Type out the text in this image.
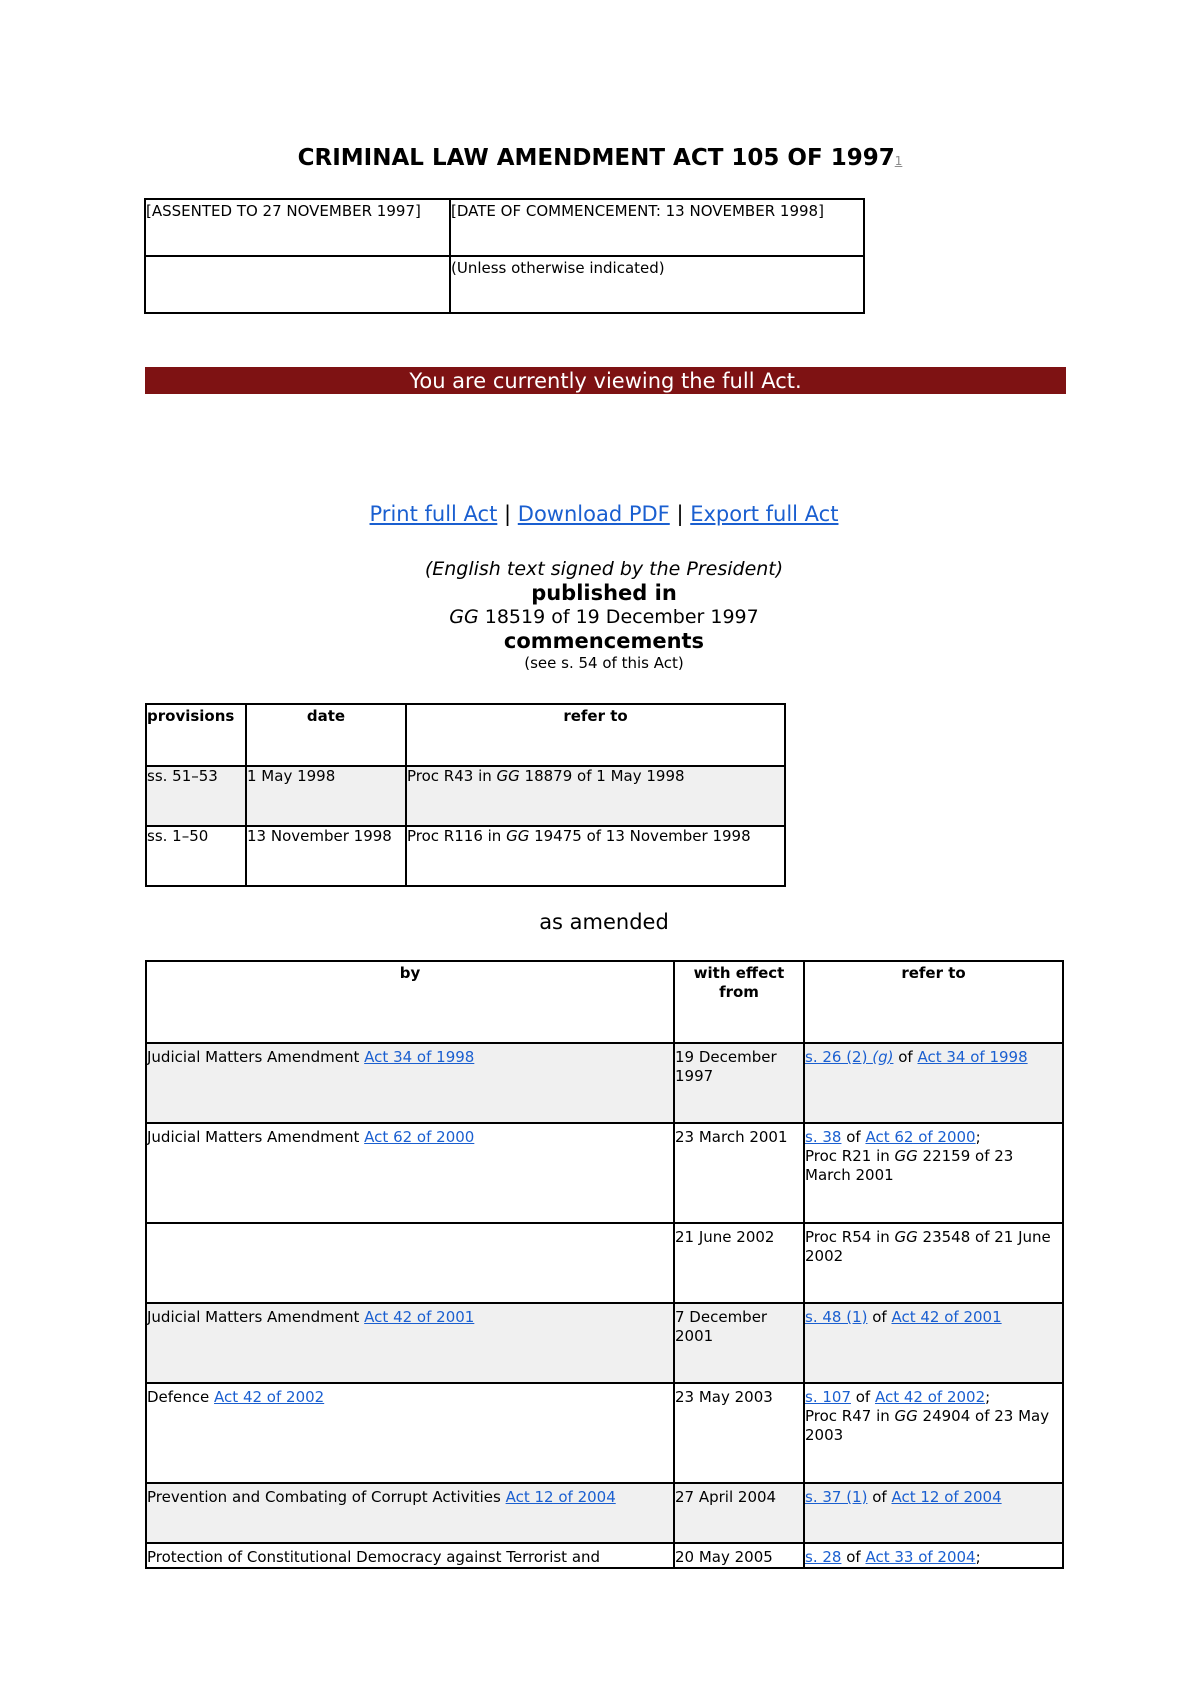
CRIMINAL LAW AMENDMENT ACT 105 OF 19971
[ASSENTED TO 27 NOVEMBER 1997]	[DATE OF COMMENCEMENT: 13 NOVEMBER 1998]
	(Unless otherwise indicated)
You are currently viewing the full Act.
Print full Act | Download PDF | Export full Act
(English text signed by the President)
published in
GG 18519 of 19 December 1997
commencements
(see s. 54 of this Act)
provisions	date	refer to
ss. 51–53	1 May 1998	Proc R43 in GG 18879 of 1 May 1998
ss. 1–50	13 November 1998	Proc R116 in GG 19475 of 13 November 1998
as amended
by	with effect from	refer to
Judicial Matters Amendment Act 34 of 1998	19 December 1997	s. 26 (2) (g) of Act 34 of 1998
Judicial Matters Amendment Act 62 of 2000	23 March 2001	s. 38 of Act 62 of 2000;
Proc R21 in GG 22159 of 23 March 2001
	21 June 2002	Proc R54 in GG 23548 of 21 June 2002
Judicial Matters Amendment Act 42 of 2001	7 December 2001	s. 48 (1) of Act 42 of 2001
Defence Act 42 of 2002	23 May 2003	s. 107 of Act 42 of 2002;
Proc R47 in GG 24904 of 23 May 2003
Prevention and Combating of Corrupt Activities Act 12 of 2004	27 April 2004	s. 37 (1) of Act 12 of 2004
Protection of Constitutional Democracy against Terrorist and	20 May 2005	s. 28 of Act 33 of 2004;
